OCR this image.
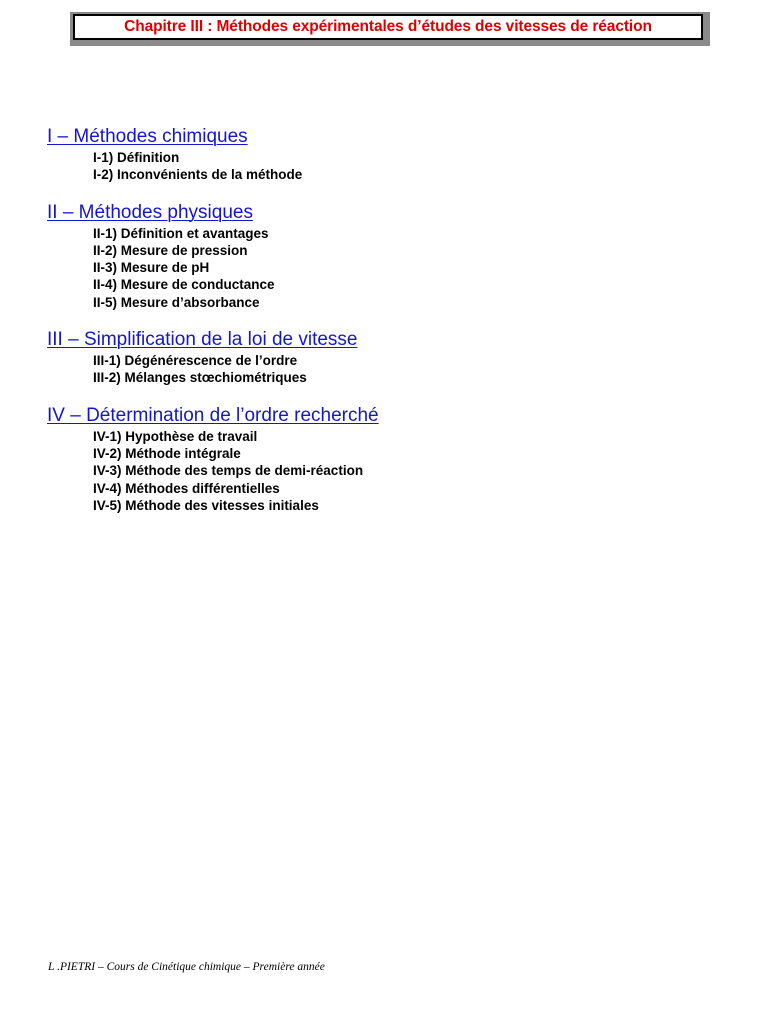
Chapitre III : Méthodes expérimentales d’études des vitesses de réaction
I – Méthodes chimiques
I-1) Définition
I-2) Inconvénients de la méthode
II – Méthodes physiques
II-1) Définition et avantages
II-2) Mesure de pression
II-3) Mesure de pH
II-4) Mesure de conductance
II-5) Mesure d’absorbance
III – Simplification de la loi de vitesse
III-1) Dégénérescence de l’ordre
III-2) Mélanges stœchiométriques
IV – Détermination de l’ordre recherché
IV-1) Hypothèse de travail
IV-2) Méthode intégrale
IV-3) Méthode des temps de demi-réaction
IV-4) Méthodes différentielles
IV-5) Méthode des vitesses initiales
L .PIETRI – Cours de Cinétique chimique – Première année
